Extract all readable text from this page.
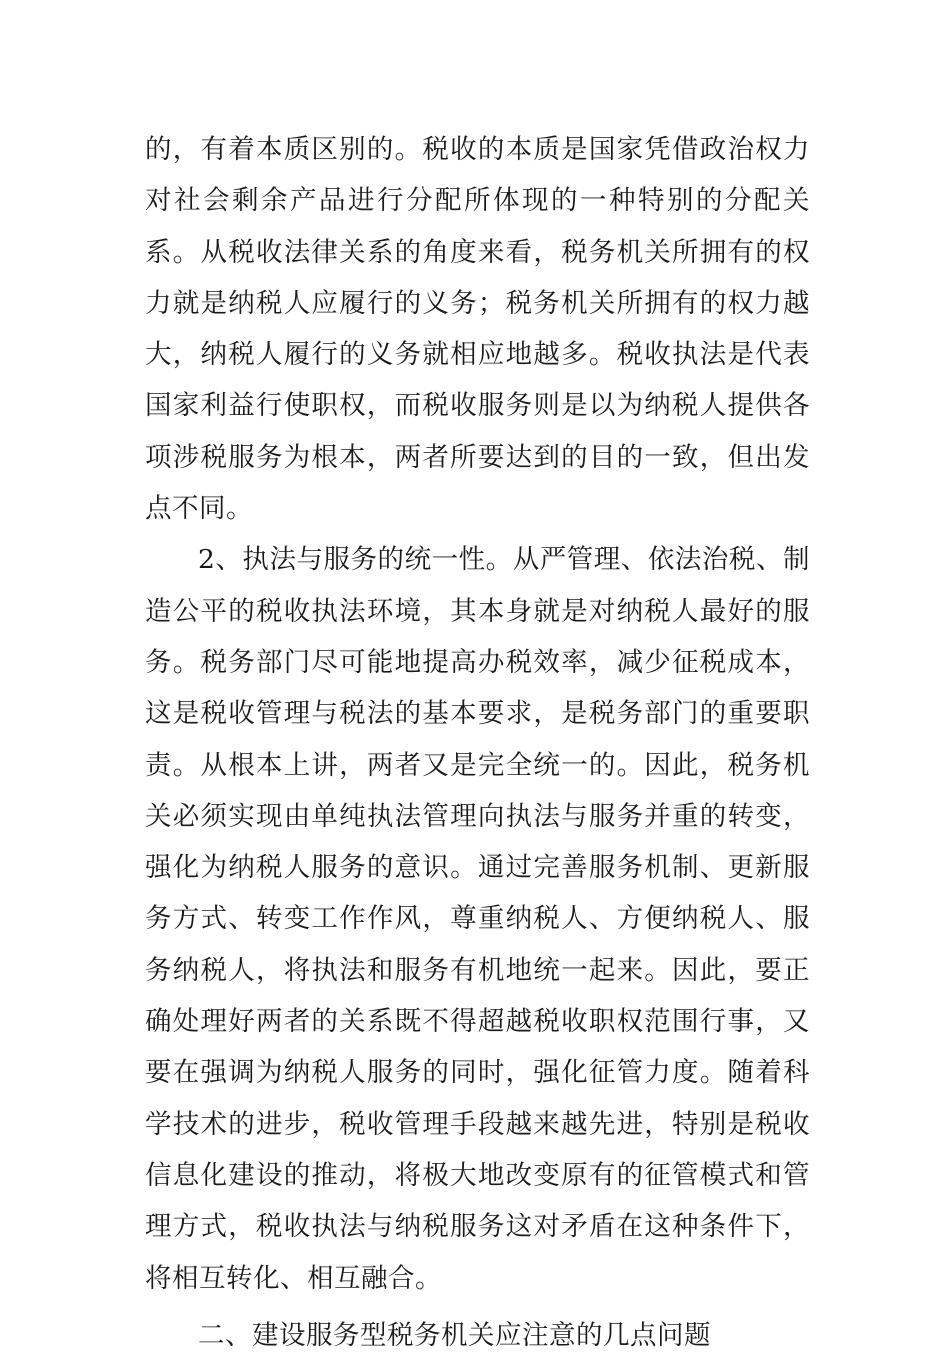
的，有着本质区别的。税收的本质是国家凭借政治权力对社会剩余产品进行分配所体现的一种特别的分配关系。从税收法律关系的角度来看，税务机关所拥有的权力就是纳税人应履行的义务；税务机关所拥有的权力越大，纳税人履行的义务就相应地越多。税收执法是代表国家利益行使职权，而税收服务则是以为纳税人提供各项涉税服务为根本，两者所要达到的目的一致，但出发点不同。

2、执法与服务的统一性。从严管理、依法治税、制造公平的税收执法环境，其本身就是对纳税人最好的服务。税务部门尽可能地提高办税效率，减少征税成本，这是税收管理与税法的基本要求，是税务部门的重要职责。从根本上讲，两者又是完全统一的。因此，税务机关必须实现由单纯执法管理向执法与服务并重的转变，强化为纳税人服务的意识。通过完善服务机制、更新服务方式、转变工作作风，尊重纳税人、方便纳税人、服务纳税人，将执法和服务有机地统一起来。因此，要正确处理好两者的关系既不得超越税收职权范围行事，又要在强调为纳税人服务的同时，强化征管力度。随着科学技术的进步，税收管理手段越来越先进，特别是税收信息化建设的推动，将极大地改变原有的征管模式和管理方式，税收执法与纳税服务这对矛盾在这种条件下，将相互转化、相互融合。

二、建设服务型税务机关应注意的几点问题
